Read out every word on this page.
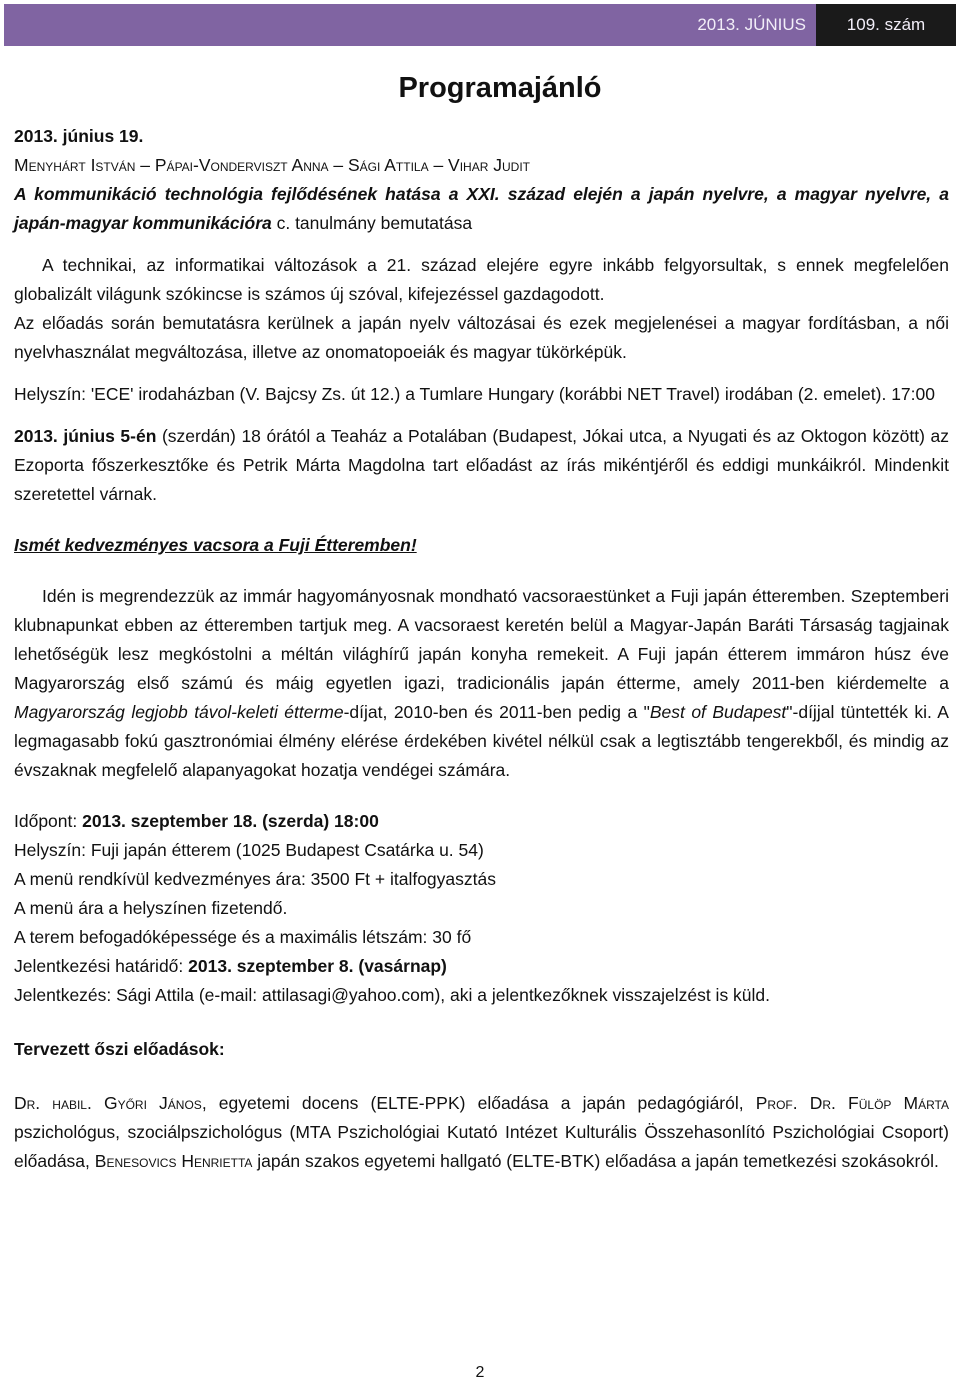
2013. JÚNIUS	109. szám
Programajánló

2013. június 19.

Menyhárt István – Pápai-Vonderviszt Anna – Sági Attila – Vihar Judit

A kommunikáció technológia fejlődésének hatása a XXI. század elején a japán nyelvre, a magyar nyelvre, a japán-magyar kommunikációra c. tanulmány bemutatása

A technikai, az informatikai változások a 21. század elejére egyre inkább felgyorsultak, s ennek megfelelően globalizált világunk szókincse is számos új szóval, kifejezéssel gazdagodott.

Az előadás során bemutatásra kerülnek a japán nyelv változásai és ezek megjelenései a magyar fordításban, a női nyelvhasználat megváltozása, illetve az onomatopoeiák és magyar tükörképük.

Helyszín: 'ECE' irodaházban (V. Bajcsy Zs. út 12.) a Tumlare Hungary (korábbi NET Travel) irodában (2. emelet). 17:00

2013. június 5-én (szerdán) 18 órától a Teaház a Potalában (Budapest, Jókai utca, a Nyugati és az Oktogon között) az Ezoporta főszerkesztőke és Petrik Márta Magdolna tart előadást az írás mikéntjéről és eddigi munkáikról. Mindenkit szeretettel várnak.

Ismét kedvezményes vacsora a Fuji Étteremben!

Idén is megrendezzük az immár hagyományosnak mondható vacsoraestünket a Fuji japán étteremben. Szeptemberi klubnapunkat ebben az étteremben tartjuk meg. A vacsoraest keretén belül a Magyar-Japán Baráti Társaság tagjainak lehetőségük lesz megkóstolni a méltán világhírű japán konyha remekeit. A Fuji japán étterem immáron húsz éve Magyarország első számú és máig egyetlen igazi, tradicionális japán étterme, amely 2011-ben kiérdemelte a Magyarország legjobb távol-keleti étterme-díjat, 2010-ben és 2011-ben pedig a "Best of Budapest"-díjjal tüntették ki. A legmagasabb fokú gasztronómiai élmény elérése érdekében kivétel nélkül csak a legtisztább tengerekből, és mindig az évszaknak megfelelő alapanyagokat hozatja vendégei számára.

Időpont: 2013. szeptember 18. (szerda) 18:00

Helyszín: Fuji japán étterem (1025 Budapest Csatárka u. 54)

A menü rendkívül kedvezményes ára: 3500 Ft + italfogyasztás

A menü ára a helyszínen fizetendő.

A terem befogadóképessége és a maximális létszám: 30 fő

Jelentkezési határidő: 2013. szeptember 8. (vasárnap)

Jelentkezés: Sági Attila (e-mail: attilasagi@yahoo.com), aki a jelentkezőknek visszajelzést is küld.

Tervezett őszi előadások:

Dr. habil. Győri János, egyetemi docens (ELTE-PPK) előadása a japán pedagógiáról, Prof. Dr. Fülöp Márta pszichológus, szociálpszichológus (MTA Pszichológiai Kutató Intézet Kulturális Összehasonlító Pszichológiai Csoport) előadása, Benesovics Henrietta japán szakos egyetemi hallgató (ELTE-BTK) előadása a japán temetkezési szokásokról.

2
